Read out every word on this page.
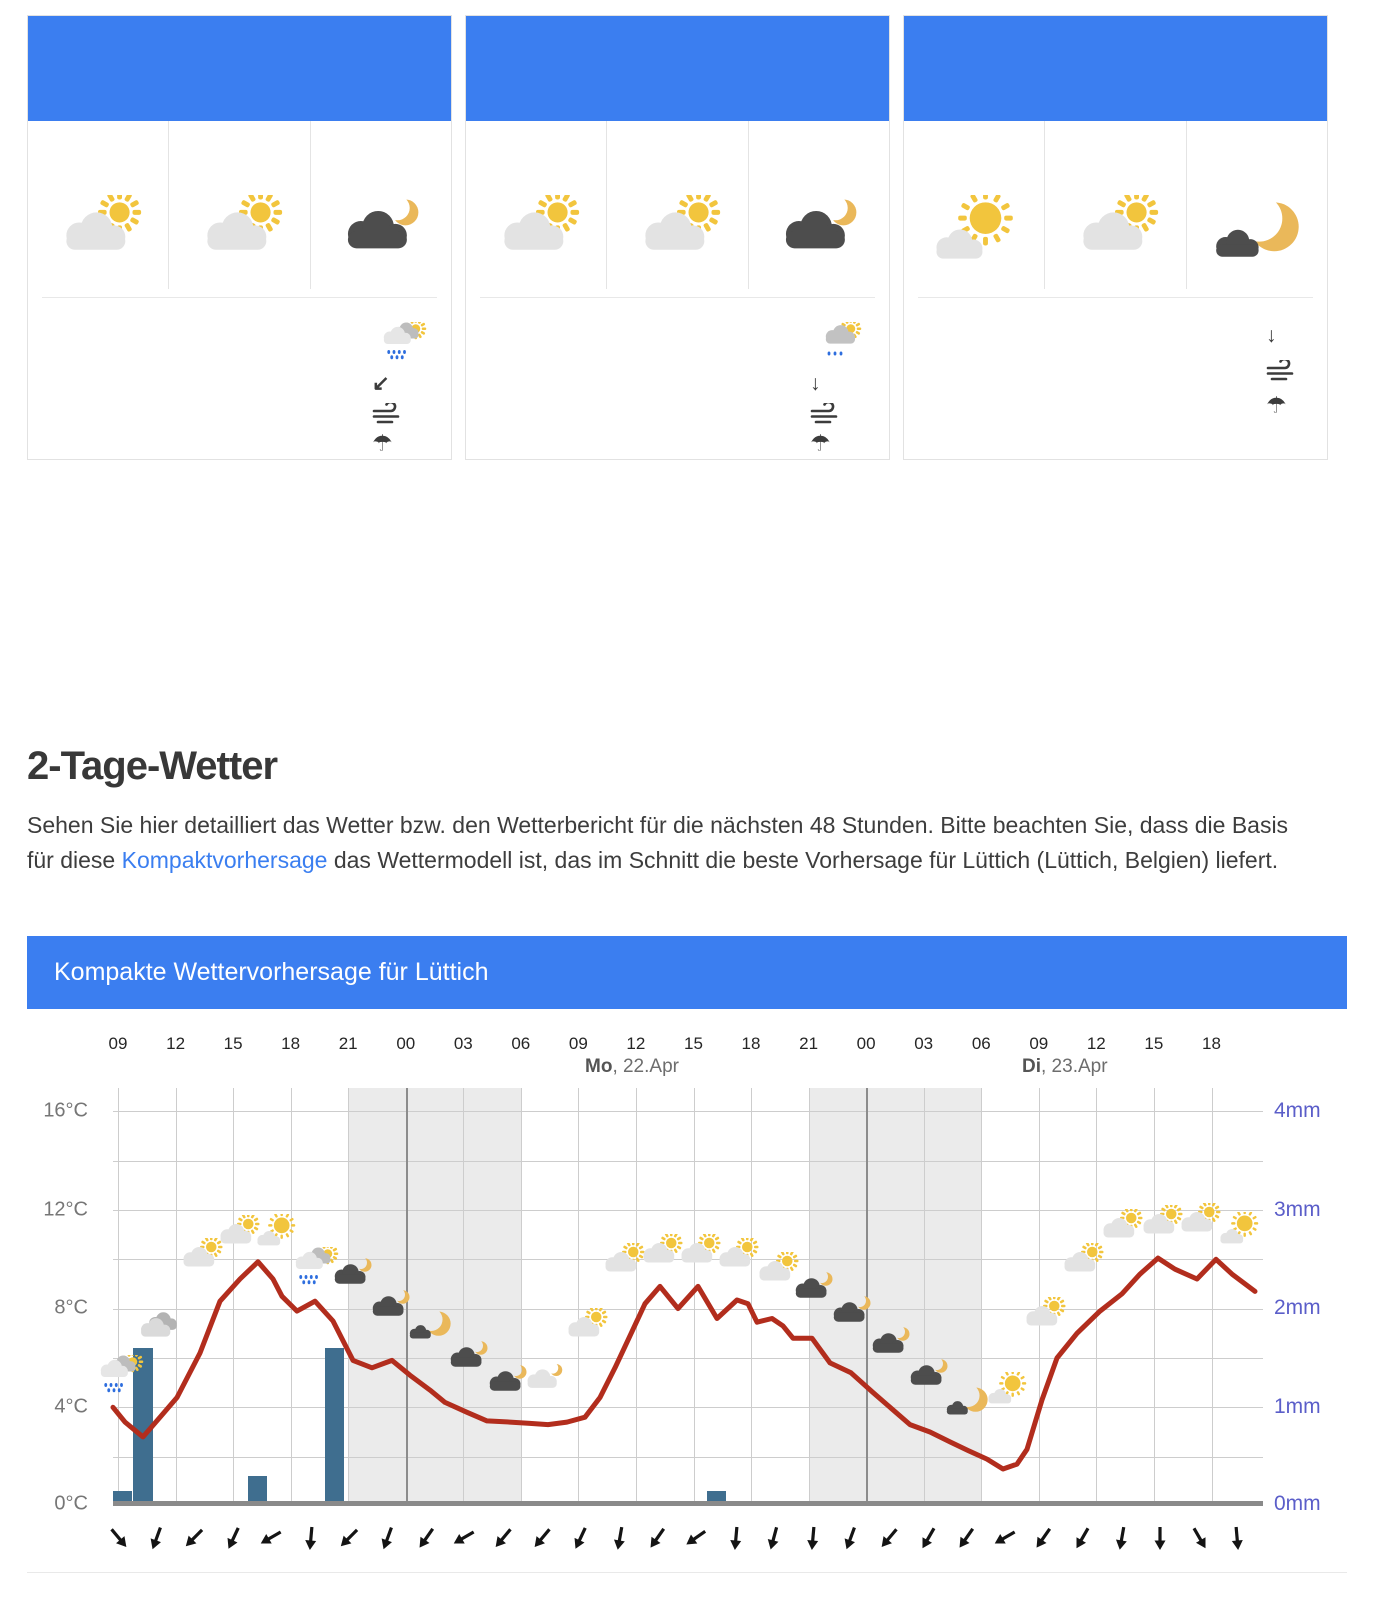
↙
☂
↓
☂
↓
☂
2-Tage-Wetter

Sehen Sie hier detailliert das Wetter bzw. den Wetterbericht für die nächsten 48 Stunden. Bitte beachten Sie, dass die Basis für diese Kompaktvorhersage das Wettermodell ist, das im Schnitt die beste Vorhersage für Lüttich (Lüttich, Belgien) liefert.

Kompakte Wettervorhersage für Lüttich
09 12 15 18 21 00 03 06 09 12 15 18 21 00 03 06 09 12 15 18
Mo, 22.Apr	Di, 23.Apr
16°C
12°C
8°C
4°C
0°C
4mm
3mm
2mm
1mm
0mm
